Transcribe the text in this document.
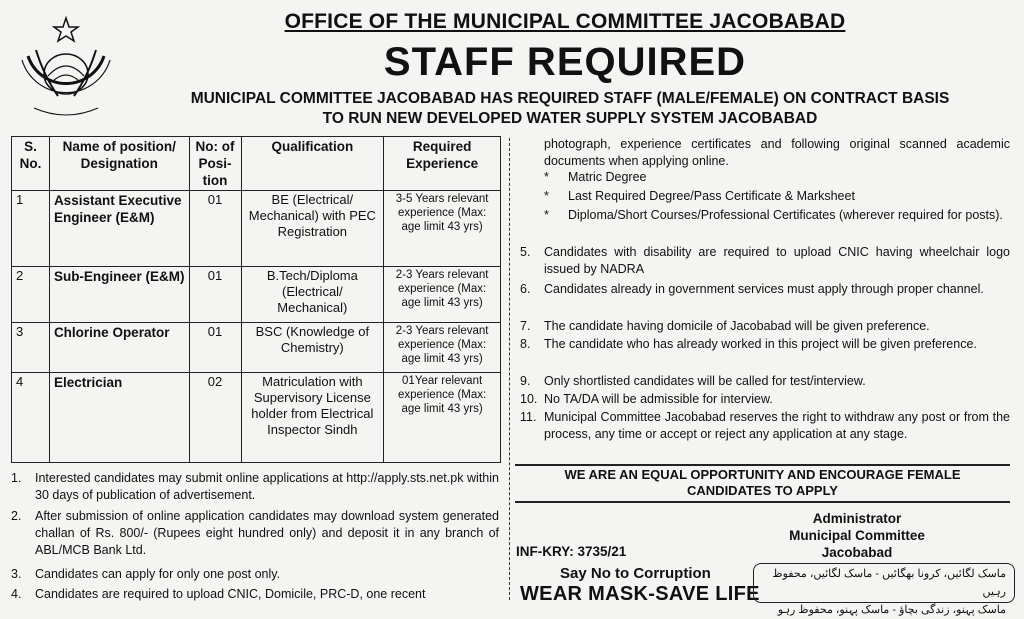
OFFICE OF THE MUNICIPAL COMMITTEE JACOBABAD
STAFF REQUIRED
MUNICIPAL COMMITTEE JACOBABAD HAS REQUIRED STAFF (MALE/FEMALE) ON CONTRACT BASIS
TO RUN NEW DEVELOPED WATER SUPPLY SYSTEM JACOBABAD
S. No.	Name of position/ Designation	No: of Posi- tion	Qualification	Required Experience
1	Assistant Executive Engineer (E&M)	01	BE (Electrical/ Mechanical) with PEC Registration	3-5 Years relevant experience (Max: age limit 43 yrs)
2	Sub-Engineer (E&M)	01	B.Tech/Diploma (Electrical/ Mechanical)	2-3 Years relevant experience (Max: age limit 43 yrs)
3	Chlorine Operator	01	BSC (Knowledge of Chemistry)	2-3 Years relevant experience (Max: age limit 43 yrs)
4	Electrician	02	Matriculation with Supervisory License holder from Electrical Inspector Sindh	01Year relevant experience (Max: age limit 43 yrs)
1.	Interested candidates may submit online applications at http://apply.sts.net.pk within 30 days of publication of advertisement.
2.	After submission of online application candidates may download system generated challan of Rs. 800/- (Rupees eight hundred only) and deposit it in any branch of ABL/MCB Bank Ltd.
3.	Candidates can apply for only one post only.
4.	Candidates are required to upload CNIC, Domicile, PRC-D, one recent
photograph, experience certificates and following original scanned academic documents when applying online.
*	Matric Degree
*	Last Required Degree/Pass Certificate & Marksheet
*	Diploma/Short Courses/Professional Certificates (wherever required for posts).
5.	Candidates with disability are required to upload CNIC having wheelchair logo issued by NADRA
6.	Candidates already in government services must apply through proper channel.
7.	The candidate having domicile of Jacobabad will be given preference.
8.	The candidate who has already worked in this project will be given preference.
9.	Only shortlisted candidates will be called for test/interview.
10. No TA/DA will be admissible for interview.
11. Municipal Committee Jacobabad reserves the right to withdraw any post or from the process, any time or accept or reject any application at any stage.
WE ARE AN EQUAL OPPORTUNITY AND ENCOURAGE FEMALE
CANDIDATES TO APPLY
INF-KRY: 3735/21
Administrator
Municipal Committee
Jacobabad
Say No to Corruption
WEAR MASK-SAVE LIFE
ماسک لگائیں، کرونا بھگائیں - ماسک لگائیں، محفوظ رہیں
ماسک پہنو، زندگی بچاؤ - ماسک پہنو، محفوظ رہو
